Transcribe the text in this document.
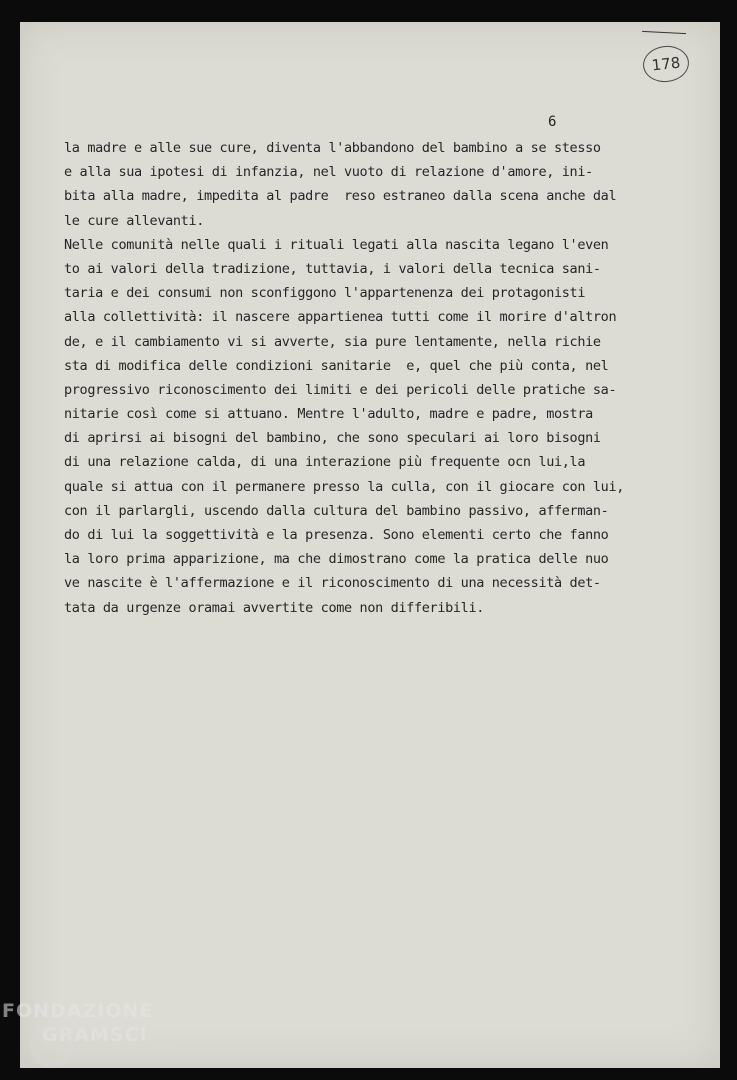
178
6
la madre e alle sue cure, diventa l'abbandono del bambino a se stesso
e alla sua ipotesi di infanzia, nel vuoto di relazione d'amore, ini-
bita alla madre, impedita al padre  reso estraneo dalla scena anche dal
le cure allevanti.
Nelle comunità nelle quali i rituali legati alla nascita legano l'even
to ai valori della tradizione, tuttavia, i valori della tecnica sani-
taria e dei consumi non sconfiggono l'appartenenza dei protagonisti
alla collettività: il nascere appartienea tutti come il morire d'altron
de, e il cambiamento vi si avverte, sia pure lentamente, nella richie
sta di modifica delle condizioni sanitarie  e, quel che più conta, nel
progressivo riconoscimento dei limiti e dei pericoli delle pratiche sa-
nitarie così come si attuano. Mentre l'adulto, madre e padre, mostra
di aprirsi ai bisogni del bambino, che sono speculari ai loro bisogni
di una relazione calda, di una interazione più frequente ocn lui,la
quale si attua con il permanere presso la culla, con il giocare con lui,
con il parlargli, uscendo dalla cultura del bambino passivo, afferman-
do di lui la soggettività e la presenza. Sono elementi certo che fanno
la loro prima apparizione, ma che dimostrano come la pratica delle nuo
ve nascite è l'affermazione e il riconoscimento di una necessità det-
tata da urgenze oramai avvertite come non differibili.
FONDAZIONE
GRAMSCI
onlus
